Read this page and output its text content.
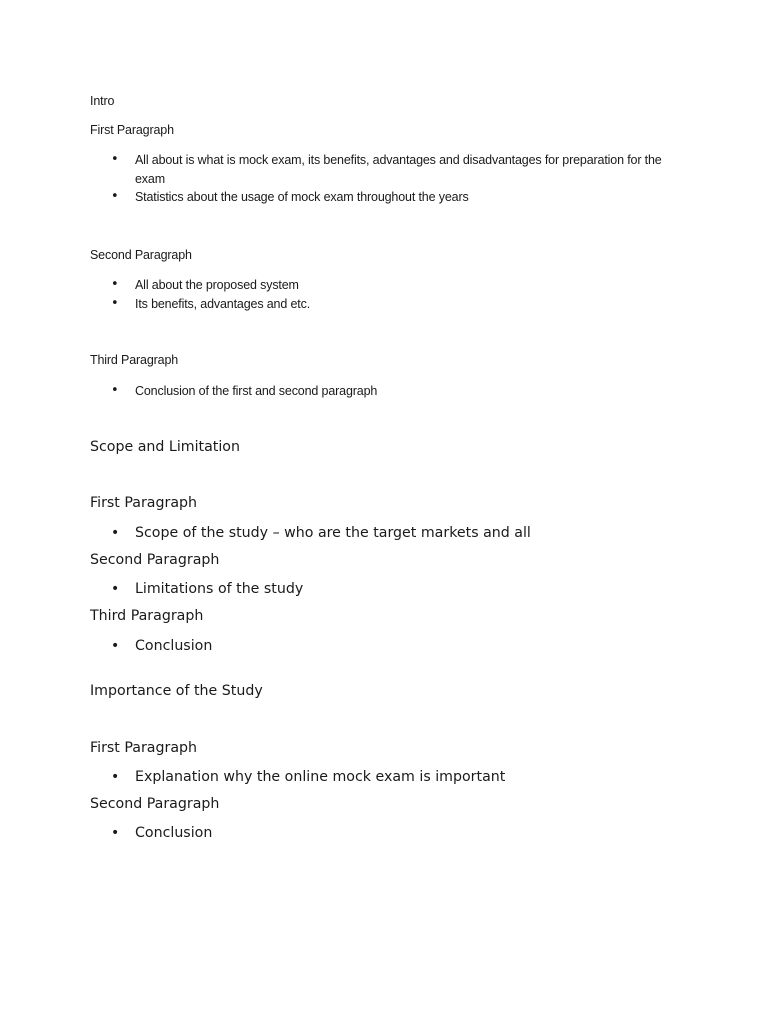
Intro
First Paragraph
• All about is what is mock exam, its benefits, advantages and disadvantages for preparation for the exam
• Statistics about the usage of mock exam throughout the years
Second Paragraph
• All about the proposed system
• Its benefits, advantages and etc.
Third Paragraph
• Conclusion of the first and second paragraph
Scope and Limitation
First Paragraph
• Scope of the study – who are the target markets and all
Second Paragraph
• Limitations of the study
Third Paragraph
• Conclusion
Importance of the Study
First Paragraph
• Explanation why the online mock exam is important
Second Paragraph
• Conclusion
